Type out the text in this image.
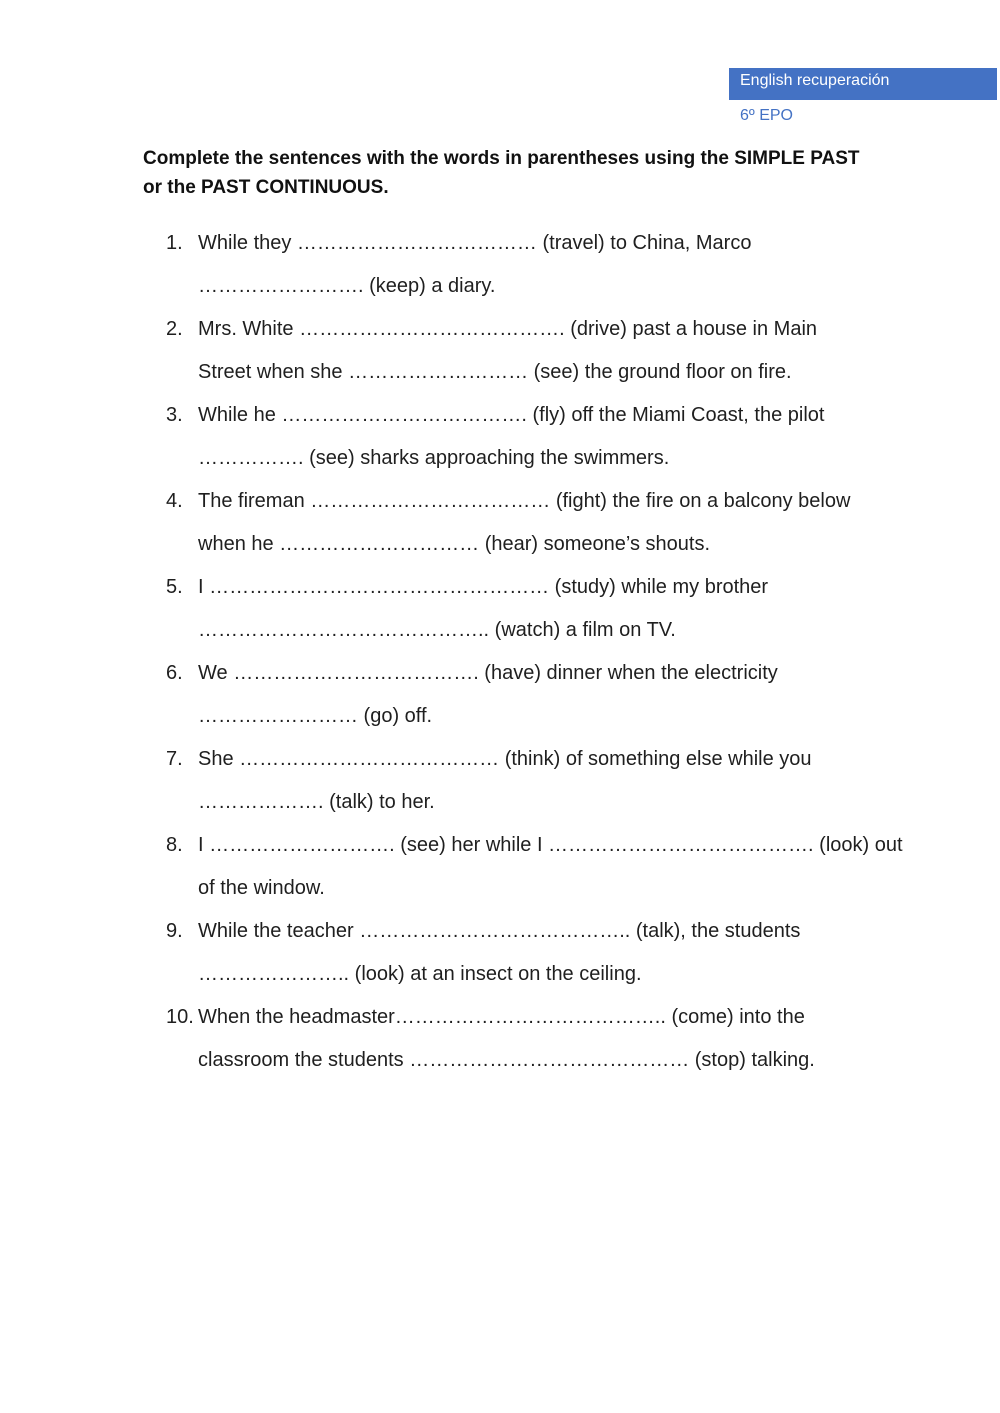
English recuperación
6º EPO
Complete the sentences with the words in parentheses using the SIMPLE PAST or the PAST CONTINUOUS.
1. While they ……………………………… (travel) to China, Marco
……………………. (keep) a diary.
2. Mrs. White …………………………………. (drive) past a house in Main
Street when she ……………………… (see) the ground floor on fire.
3. While he ………………………………. (fly) off the Miami Coast, the pilot
……………. (see) sharks approaching the swimmers.
4. The fireman ……………………………… (fight) the fire on a balcony below
when he ………………………… (hear) someone’s shouts.
5. I …………………………………………… (study) while my brother
…………………………………….. (watch) a film on TV.
6. We ………………………………. (have) dinner when the electricity
…………………… (go) off.
7. She ………………………………… (think) of something else while you
………………. (talk) to her.
8. I ………………………. (see) her while I …………………………………. (look) out
of the window.
9. While the teacher ………………………………….. (talk), the students
………………….. (look) at an insect on the ceiling.
10. When the headmaster………………………………….. (come) into the
classroom the students …………………………………… (stop) talking.
